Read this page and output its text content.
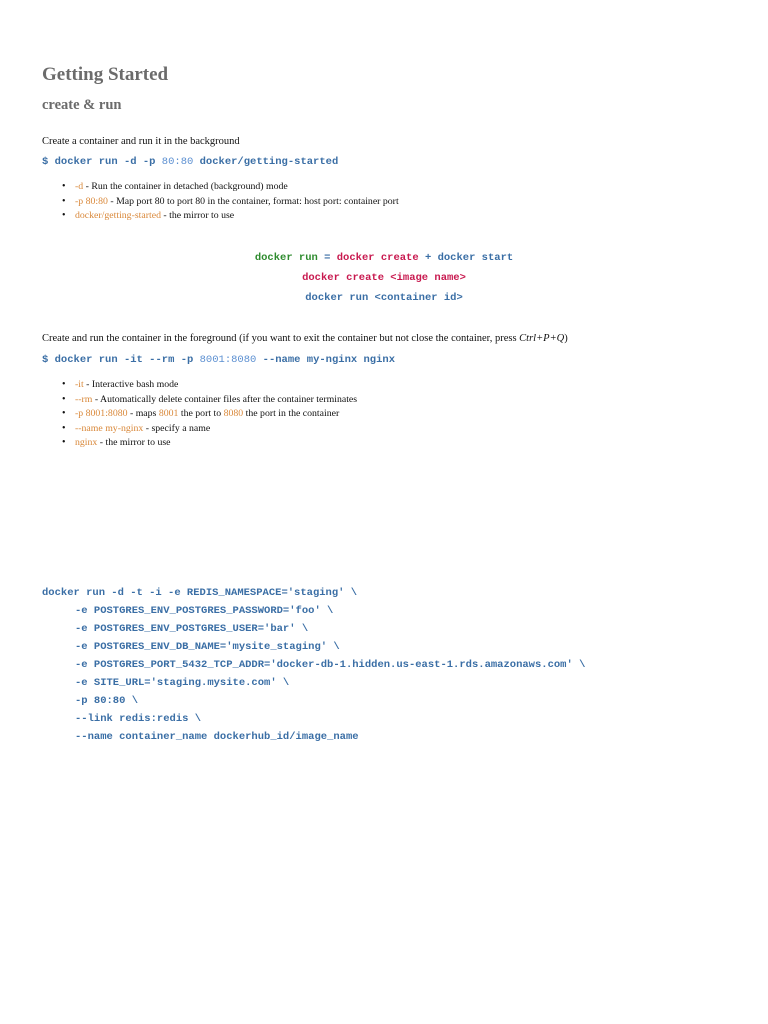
Getting Started
create & run

Create a container and run it in the background

$ docker run -d -p 80:80 docker/getting-started
• -d - Run the container in detached (background) mode
• -p 80:80 - Map port 80 to port 80 in the container, format: host port: container port
• docker/getting-started - the mirror to use
docker run = docker create + docker start
docker create <image name>
docker run <container id>

Create and run the container in the foreground (if you want to exit the container but not close the container, press Ctrl+P+Q)

$ docker run -it --rm -p 8001:8080 --name my-nginx nginx
• -it - Interactive bash mode
• --rm - Automatically delete container files after the container terminates
• -p 8001:8080 - maps 8001 the port to 8080 the port in the container
• --name my-nginx - specify a name
• nginx - the mirror to use
docker run -d -t -i -e REDIS_NAMESPACE='staging' \
-e POSTGRES_ENV_POSTGRES_PASSWORD='foo' \
-e POSTGRES_ENV_POSTGRES_USER='bar' \
-e POSTGRES_ENV_DB_NAME='mysite_staging' \
-e POSTGRES_PORT_5432_TCP_ADDR='docker-db-1.hidden.us-east-1.rds.amazonaws.com' \
-e SITE_URL='staging.mysite.com' \
-p 80:80 \
--link redis:redis \
--name container_name dockerhub_id/image_name
